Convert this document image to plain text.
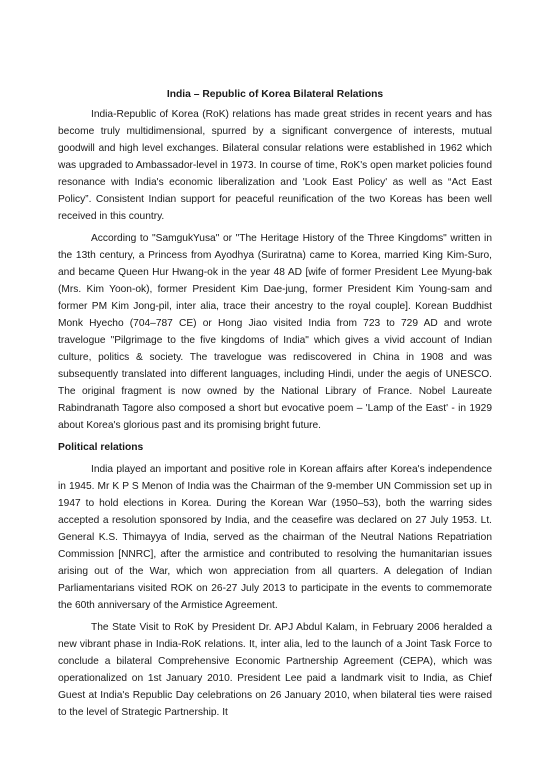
India – Republic of Korea Bilateral Relations

India-Republic of Korea (RoK) relations has made great strides in recent years and has become truly multidimensional, spurred by a significant convergence of interests, mutual goodwill and high level exchanges. Bilateral consular relations were established in 1962 which was upgraded to Ambassador-level in 1973. In course of time, RoK's open market policies found resonance with India's economic liberalization and 'Look East Policy' as well as “Act East Policy”. Consistent Indian support for peaceful reunification of the two Koreas has been well received in this country.

According to "SamgukYusa" or "The Heritage History of the Three Kingdoms" written in the 13th century, a Princess from Ayodhya (Suriratna) came to Korea, married King Kim-Suro, and became Queen Hur Hwang-ok in the year 48 AD [wife of former President Lee Myung-bak (Mrs. Kim Yoon-ok), former President Kim Dae-jung, former President Kim Young-sam and former PM Kim Jong-pil, inter alia, trace their ancestry to the royal couple]. Korean Buddhist Monk Hyecho (704–787 CE) or Hong Jiao visited India from 723 to 729 AD and wrote travelogue "Pilgrimage to the five kingdoms of India" which gives a vivid account of Indian culture, politics & society. The travelogue was rediscovered in China in 1908 and was subsequently translated into different languages, including Hindi, under the aegis of UNESCO. The original fragment is now owned by the National Library of France. Nobel Laureate Rabindranath Tagore also composed a short but evocative poem – 'Lamp of the East' - in 1929 about Korea's glorious past and its promising bright future.

Political relations

India played an important and positive role in Korean affairs after Korea's independence in 1945. Mr K P S Menon of India was the Chairman of the 9-member UN Commission set up in 1947 to hold elections in Korea. During the Korean War (1950–53), both the warring sides accepted a resolution sponsored by India, and the ceasefire was declared on 27 July 1953. Lt. General K.S. Thimayya of India, served as the chairman of the Neutral Nations Repatriation Commission [NNRC], after the armistice and contributed to resolving the humanitarian issues arising out of the War, which won appreciation from all quarters. A delegation of Indian Parliamentarians visited ROK on 26-27 July 2013 to participate in the events to commemorate the 60th anniversary of the Armistice Agreement.

The State Visit to RoK by President Dr. APJ Abdul Kalam, in February 2006 heralded a new vibrant phase in India-RoK relations. It, inter alia, led to the launch of a Joint Task Force to conclude a bilateral Comprehensive Economic Partnership Agreement (CEPA), which was operationalized on 1st January 2010. President Lee paid a landmark visit to India, as Chief Guest at India's Republic Day celebrations on 26 January 2010, when bilateral ties were raised to the level of Strategic Partnership. It
